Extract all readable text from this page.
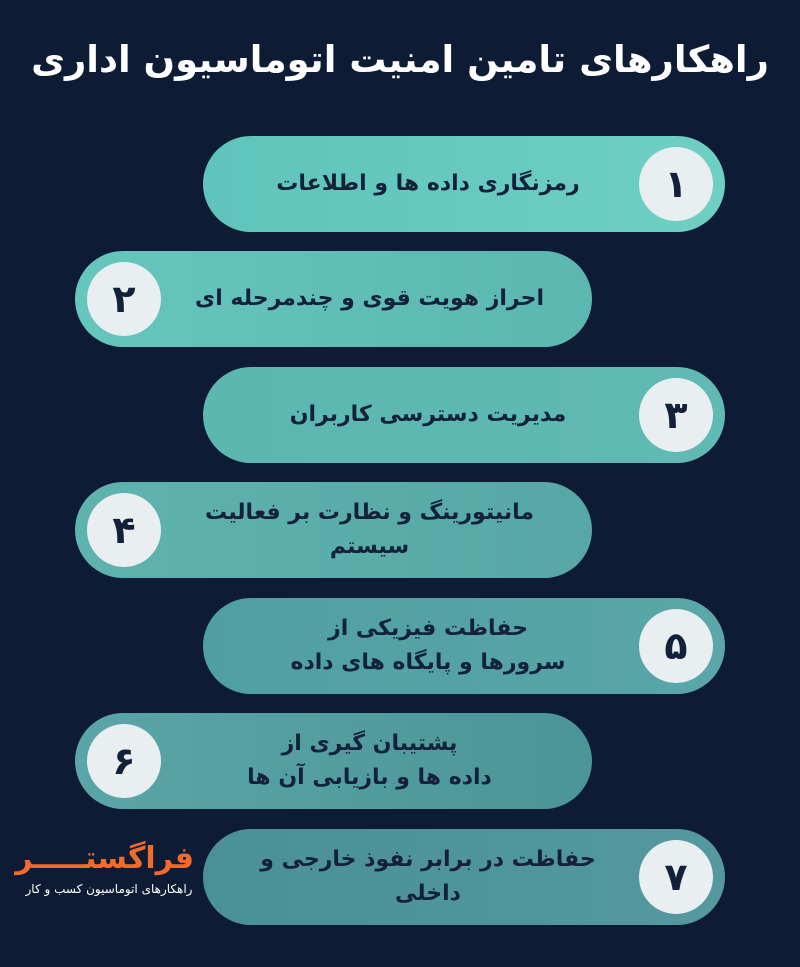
راهکارهای تامین امنیت اتوماسیون اداری
رمزنگاری داده ها و اطلاعات	۱
۲	احراز هویت قوی و چندمرحله ای
مدیریت دسترسی کاربران	۳
۴	مانیتورینگ و نظارت بر فعالیت سیستم
حفاظت فیزیکی از
سرورها و پایگاه های داده	۵
۶	پشتیبان گیری از
داده ها و بازیابی آن ها
حفاظت در برابر نفوذ خارجی و داخلی	۷
فراگستـــــر
راهکارهای اتوماسیون کسب و کار
